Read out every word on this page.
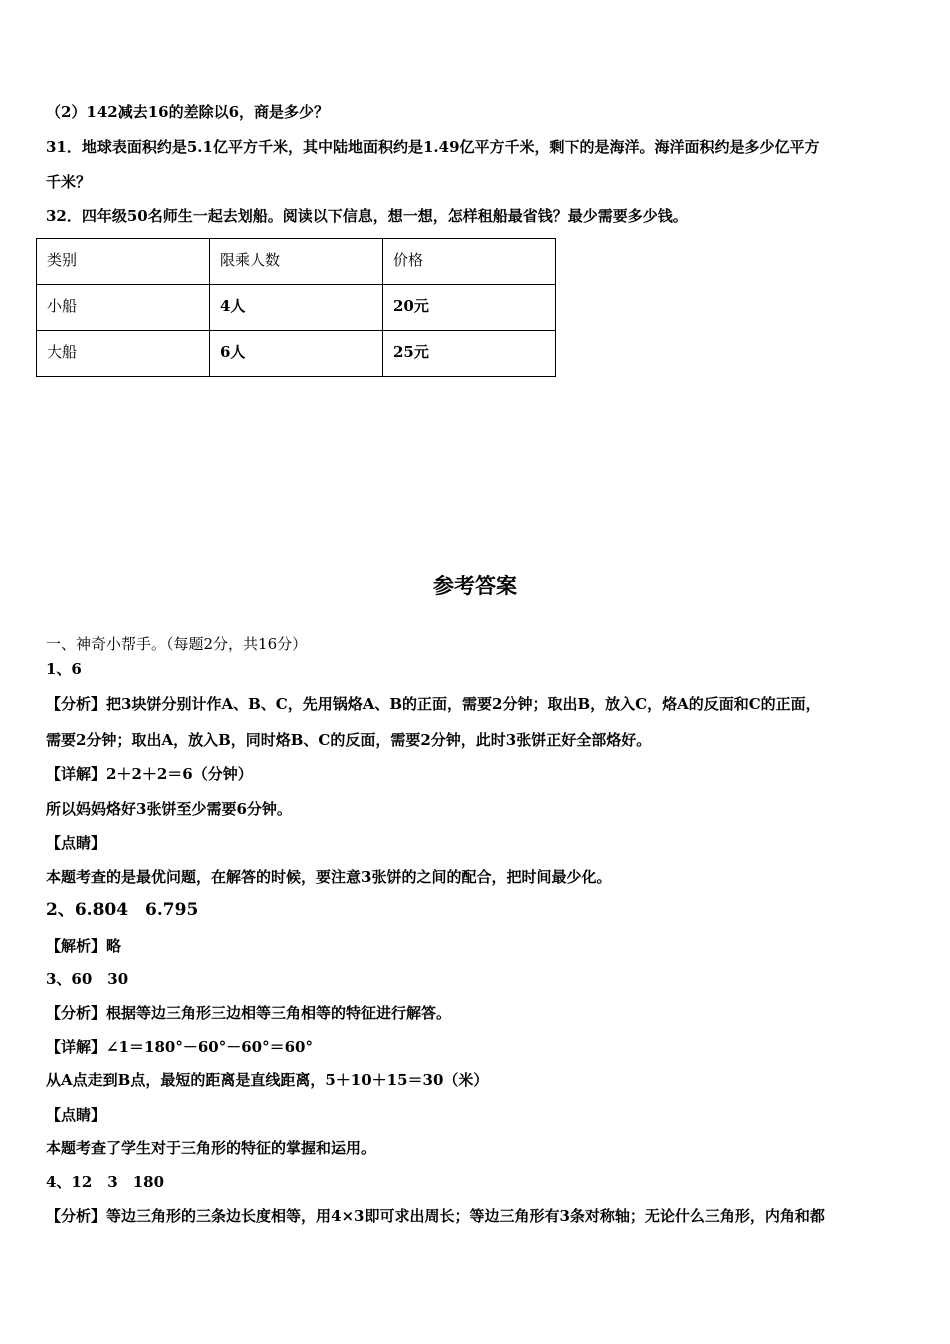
（2）142减去16的差除以6，商是多少？
31．地球表面积约是5.1亿平方千米，其中陆地面积约是1.49亿平方千米，剩下的是海洋。海洋面积约是多少亿平方
千米？
32．四年级50名师生一起去划船。阅读以下信息，想一想，怎样租船最省钱？最少需要多少钱。
类别	限乘人数	价格
小船	4人	20元
大船	6人	25元
参考答案
一、神奇小帮手。（每题2分，共16分）
1、6
【分析】把3块饼分别计作A、B、C，先用锅烙A、B的正面，需要2分钟；取出B，放入C，烙A的反面和C的正面，
需要2分钟；取出A，放入B，同时烙B、C的反面，需要2分钟，此时3张饼正好全部烙好。
【详解】2＋2＋2＝6（分钟）
所以妈妈烙好3张饼至少需要6分钟。
【点睛】
本题考查的是最优问题，在解答的时候，要注意3张饼的之间的配合，把时间最少化。
2、6.804　6.795
【解析】略
3、60　30
【分析】根据等边三角形三边相等三角相等的特征进行解答。
【详解】∠1＝180°－60°－60°＝60°
从A点走到B点，最短的距离是直线距离，5＋10＋15＝30（米）
【点睛】
本题考查了学生对于三角形的特征的掌握和运用。
4、12　3　180
【分析】等边三角形的三条边长度相等，用4×3即可求出周长；等边三角形有3条对称轴；无论什么三角形，内角和都
